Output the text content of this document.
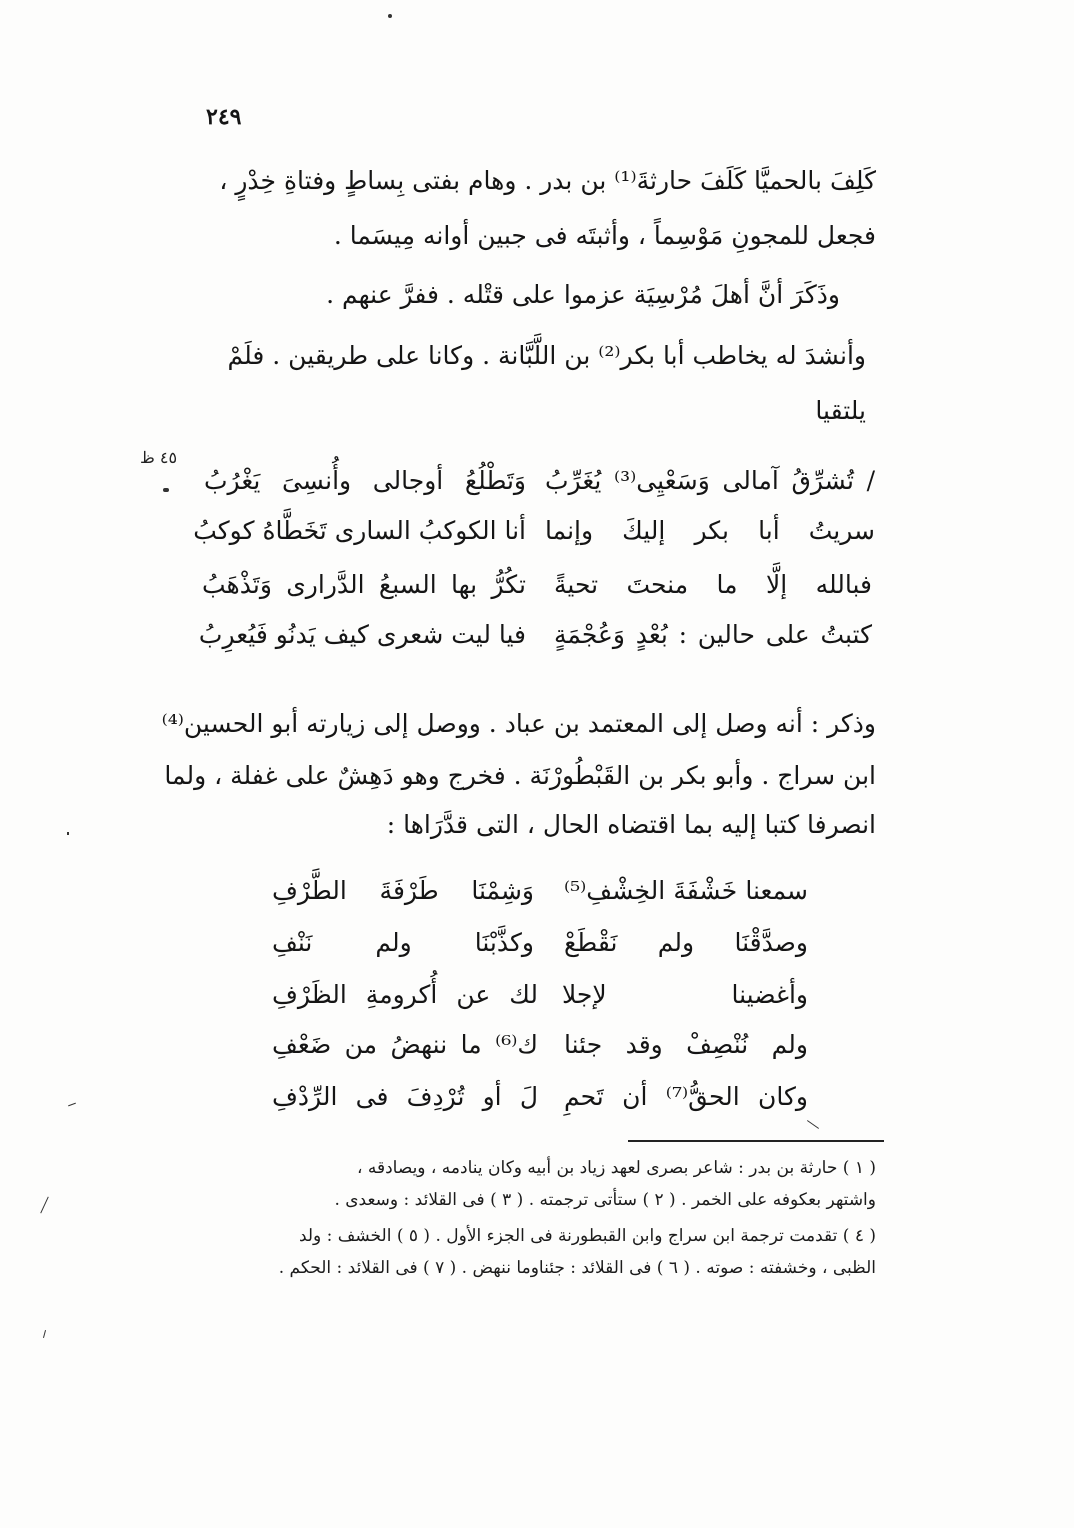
٢٤٩
كَلِفَ بالحميَّا كَلَفَ حارثةَ⁽¹⁾ بن بدر . وهام بفتى بِساطٍ وفتاةِ خِدْرٍ ،
فجعل للمجونِ مَوْسِماً ، وأثبتَه فى جبين أوانه مِيسَما .
وذَكَرَ أنَّ أهلَ مُرْسِيَة عزموا على قتْله . ففرَّ عنهم .
وأنشدَ له يخاطب أبا بكر⁽²⁾ بن اللَّبَّانة . وكانا على طريقين . فلَمْ
يلتقيا
٤٥ ظ
/ تُشرِّقُ آمالى وَسَعْيِى⁽³⁾ يُغَرِّبُ
وَتَطْلُعُ أوجالى وأُنسِىَ يَغْرُبُ
سريتُ أبا بكر إليكَ وإنما
أنا الكوكبُ السارى تَخَطَّاهُ كوكبُ
فبالله إلَّا ما منحتَ تحيةً
تكُرُّ بها السبعُ الدَّرارى وَتَذْهَبُ
كتبتُ على حالين : بُعْدٍ وَعُجْمَةٍ
فيا ليت شعرى كيف يَدنُو فَيُعرِبُ
وذكر : أنه وصل إلى المعتمد بن عباد . ووصل إلى زيارته أبو الحسين⁽⁴⁾
ابن سراج . وأبو بكر بن القَبْطُورْنَة . فخرج وهو دَهِشٌ على غفلة ، ولما
انصرفا كتبا إليه بما اقتضاه الحال ، التى قدَّرَاها :
سمعنا خَشْفَةَ الخِشْفِ⁽⁵⁾
وَشِمْنَا طَرْفَةَ الطَّرْفِ
وصدَّقْنَا ولم نَقْطَعْ
وكذَّبْنَا ولم نَنْفِ
وأغضينا لإجلا
لك عن أُكرومةِ الظَرْفِ
ولم نُنْصِفْ وقد جئنا
ك⁽⁶⁾ ما ننهضُ من ضَعْفِ
وكان الحقُّ⁽⁷⁾ أن تَحمِ
لَ أو تُرْدِفَ فى الرِّدْفِ
( ١ ) حارثة بن بدر : شاعر بصرى لعهد زياد بن أبيه وكان ينادمه ، ويصادقه ،
واشتهر بعكوفه على الخمر . ( ٢ ) ستأتى ترجمته . ( ٣ ) فى القلائد : وسعدى .
( ٤ ) تقدمت ترجمة ابن سراج وابن القبطورنة فى الجزء الأول . ( ٥ ) الخشف : ولد
الظبى ، وخشفته : صوته . ( ٦ ) فى القلائد : جئناوما ننهض . ( ٧ ) فى القلائد : الحكم .
